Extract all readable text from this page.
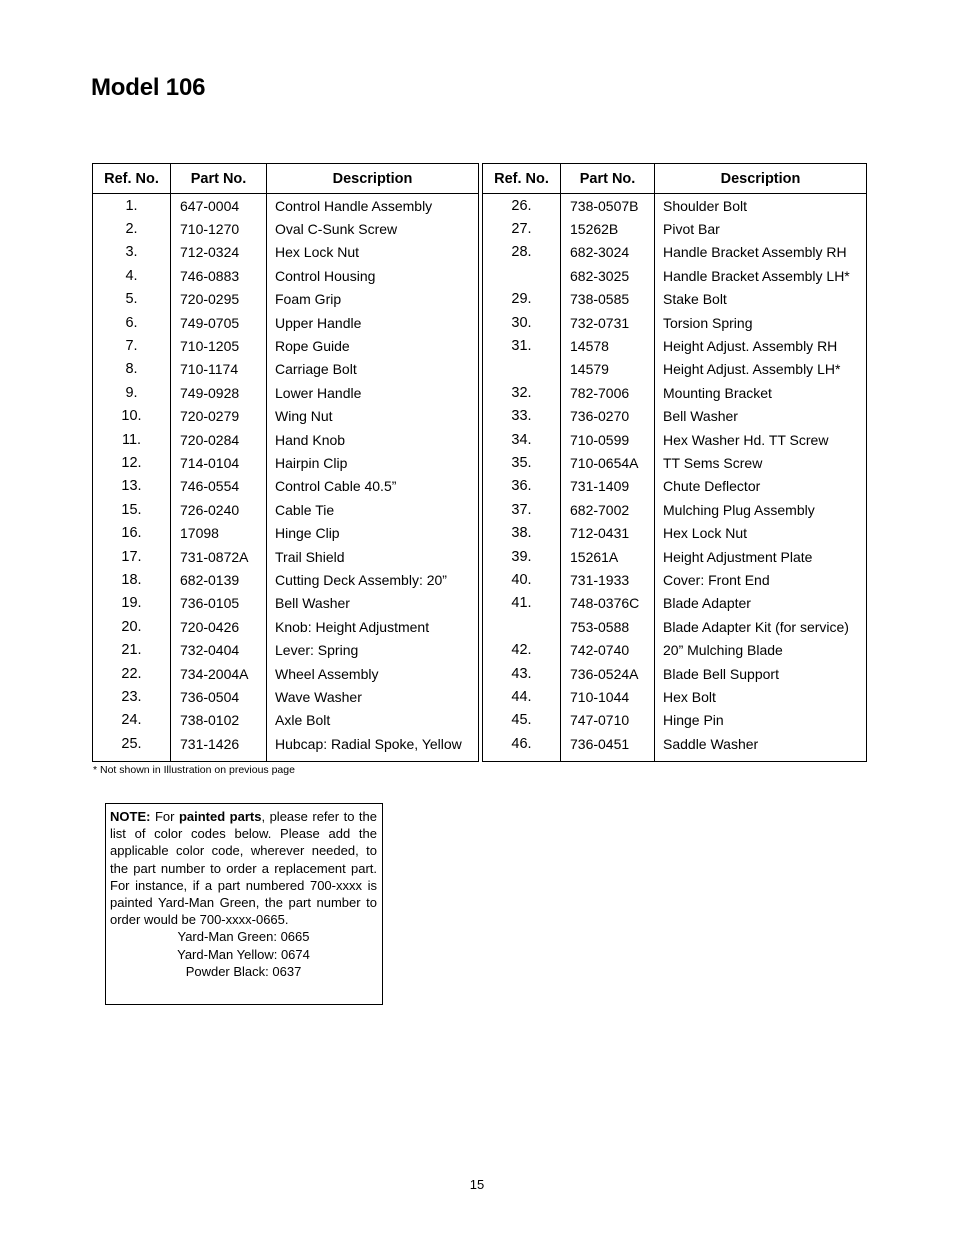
Model 106
Ref. No.	Part No.	Description
1.	647-0004	Control Handle Assembly
2.	710-1270	Oval C-Sunk Screw
3.	712-0324	Hex Lock Nut
4.	746-0883	Control Housing
5.	720-0295	Foam Grip
6.	749-0705	Upper Handle
7.	710-1205	Rope Guide
8.	710-1174	Carriage Bolt
9.	749-0928	Lower Handle
10.	720-0279	Wing Nut
11.	720-0284	Hand Knob
12.	714-0104	Hairpin Clip
13.	746-0554	Control Cable 40.5”
15.	726-0240	Cable Tie
16.	17098	Hinge Clip
17.	731-0872A	Trail Shield
18.	682-0139	Cutting Deck Assembly: 20”
19.	736-0105	Bell Washer
20.	720-0426	Knob: Height Adjustment
21.	732-0404	Lever: Spring
22.	734-2004A	Wheel Assembly
23.	736-0504	Wave Washer
24.	738-0102	Axle Bolt
25.	731-1426	Hubcap: Radial Spoke, Yellow
Ref. No.	Part No.	Description
26.	738-0507B	Shoulder Bolt
27.	15262B	Pivot Bar
28.	682-3024	Handle Bracket Assembly RH
	682-3025	Handle Bracket Assembly LH*
29.	738-0585	Stake Bolt
30.	732-0731	Torsion Spring
31.	14578	Height Adjust. Assembly RH
	14579	Height Adjust. Assembly LH*
32.	782-7006	Mounting Bracket
33.	736-0270	Bell Washer
34.	710-0599	Hex Washer Hd. TT Screw
35.	710-0654A	TT Sems Screw
36.	731-1409	Chute Deflector
37.	682-7002	Mulching Plug Assembly
38.	712-0431	Hex Lock Nut
39.	15261A	Height Adjustment Plate
40.	731-1933	Cover: Front End
41.	748-0376C	Blade Adapter
	753-0588	Blade Adapter Kit (for service)
42.	742-0740	20” Mulching Blade
43.	736-0524A	Blade Bell Support
44.	710-1044	Hex Bolt
45.	747-0710	Hinge Pin
46.	736-0451	Saddle Washer
* Not shown in Illustration on previous page
NOTE: For painted parts, please refer to the list of color codes below. Please add the applicable color code, wherever needed, to the part number to order a replacement part. For instance, if a part numbered 700-xxxx is painted Yard-Man Green, the part number to order would be 700-xxxx-0665.
Yard-Man Green: 0665
Yard-Man Yellow: 0674
Powder Black: 0637
15
